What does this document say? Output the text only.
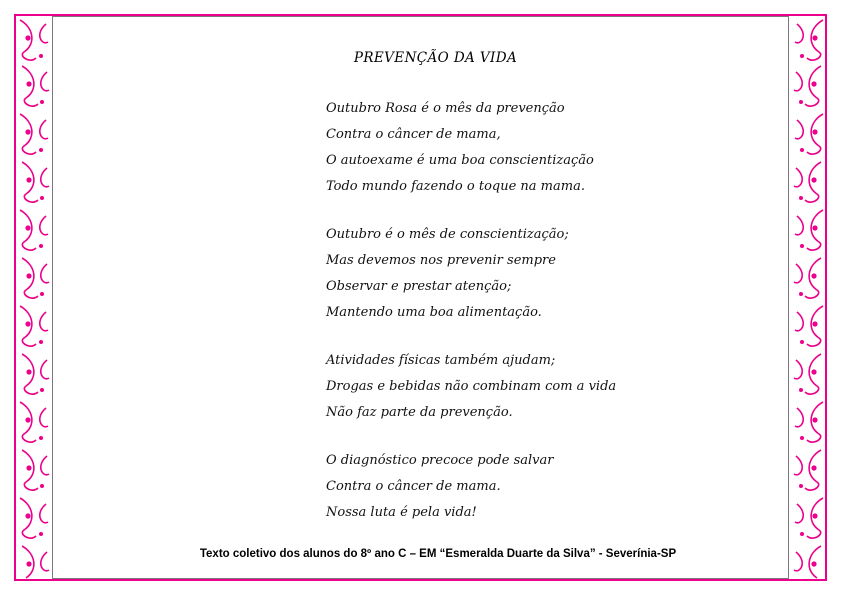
PREVENÇÃO DA VIDA
Outubro Rosa é o mês da prevenção
Contra o câncer de mama,
O autoexame é uma boa conscientização
Todo mundo fazendo o toque na mama.
Outubro é o mês de conscientização;
Mas devemos nos prevenir sempre
Observar e prestar atenção;
Mantendo uma boa alimentação.
Atividades físicas também ajudam;
Drogas e bebidas não combinam com a vida
Não faz parte da prevenção.
O diagnóstico precoce pode salvar
Contra o câncer de mama.
Nossa luta é pela vida!
Texto coletivo dos alunos do 8º ano C – EM “Esmeralda Duarte da Silva” - Severínia-SP
